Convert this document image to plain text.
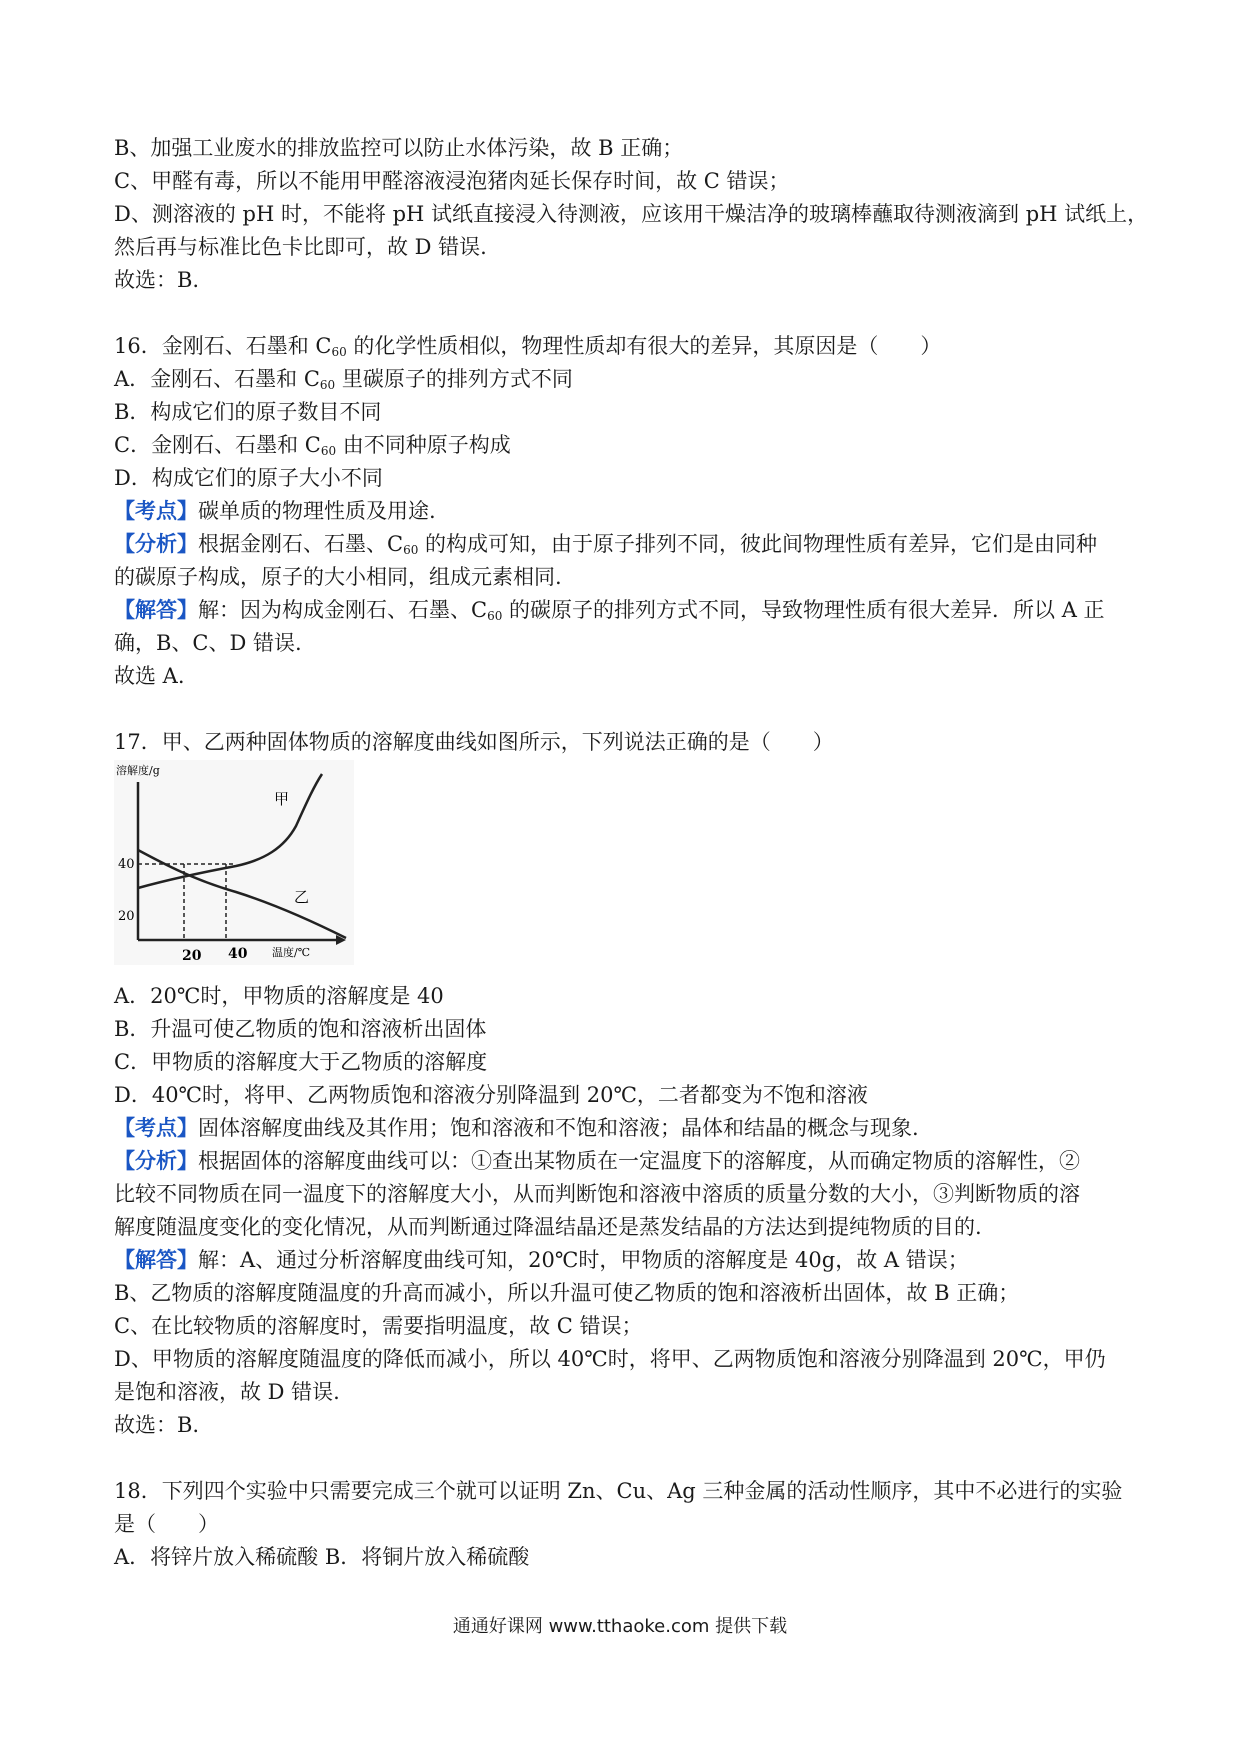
B、加强工业废水的排放监控可以防止水体污染，故 B 正确；
C、甲醛有毒，所以不能用甲醛溶液浸泡猪肉延长保存时间，故 C 错误；
D、测溶液的 pH 时，不能将 pH 试纸直接浸入待测液，应该用干燥洁净的玻璃棒蘸取待测液滴到 pH 试纸上，
然后再与标准比色卡比即可，故 D 错误.
故选：B.
16．金刚石、石墨和 $C_{60}$ 的化学性质相似，物理性质却有很大的差异，其原因是（　　）
A．金刚石、石墨和 $C_{60}$ 里碳原子的排列方式不同
B．构成它们的原子数目不同
C．金刚石、石墨和 $C_{60}$ 由不同种原子构成
D．构成它们的原子大小不同
【考点】碳单质的物理性质及用途.
【分析】根据金刚石、石墨、$C_{60}$ 的构成可知，由于原子排列不同，彼此间物理性质有差异，它们是由同种
的碳原子构成，原子的大小相同，组成元素相同.
【解答】解：因为构成金刚石、石墨、$C_{60}$ 的碳原子的排列方式不同，导致物理性质有很大差异．所以 A 正
确，B、C、D 错误.
故选 A.
17．甲、乙两种固体物质的溶解度曲线如图所示，下列说法正确的是（　　）
A．20℃时，甲物质的溶解度是 40
B．升温可使乙物质的饱和溶液析出固体
C．甲物质的溶解度大于乙物质的溶解度
D．40℃时，将甲、乙两物质饱和溶液分别降温到 20℃，二者都变为不饱和溶液
【考点】固体溶解度曲线及其作用；饱和溶液和不饱和溶液；晶体和结晶的概念与现象.
【分析】根据固体的溶解度曲线可以：①查出某物质在一定温度下的溶解度，从而确定物质的溶解性，②
比较不同物质在同一温度下的溶解度大小，从而判断饱和溶液中溶质的质量分数的大小，③判断物质的溶
解度随温度变化的变化情况，从而判断通过降温结晶还是蒸发结晶的方法达到提纯物质的目的.
【解答】解：A、通过分析溶解度曲线可知，20℃时，甲物质的溶解度是 40g，故 A 错误；
B、乙物质的溶解度随温度的升高而减小，所以升温可使乙物质的饱和溶液析出固体，故 B 正确；
C、在比较物质的溶解度时，需要指明温度，故 C 错误；
D、甲物质的溶解度随温度的降低而减小，所以 40℃时，将甲、乙两物质饱和溶液分别降温到 20℃，甲仍
是饱和溶液，故 D 错误.
故选：B.
18．下列四个实验中只需要完成三个就可以证明 Zn、Cu、Ag 三种金属的活动性顺序，其中不必进行的实验
是（　　）
A．将锌片放入稀硫酸 B．将铜片放入稀硫酸
溶解度/g
40
20
20 40 温度/℃
甲
乙
通通好课网 www.tthaoke.com 提供下载
